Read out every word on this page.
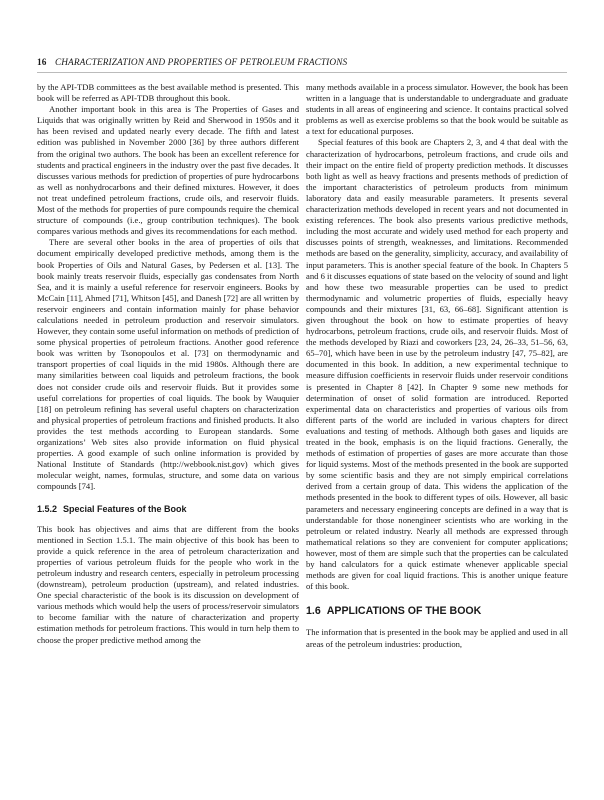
16 CHARACTERIZATION AND PROPERTIES OF PETROLEUM FRACTIONS

by the API-TDB committees as the best available method is presented. This book will be referred as API-TDB throughout this book.

Another important book in this area is The Properties of Gases and Liquids that was originally written by Reid and Sherwood in 1950s and it has been revised and updated nearly every decade. The fifth and latest edition was published in November 2000 [36] by three authors different from the original two authors. The book has been an excellent reference for students and practical engineers in the industry over the past five decades. It discusses various methods for prediction of properties of pure hydrocarbons as well as nonhydrocarbons and their defined mixtures. However, it does not treat undefined petroleum fractions, crude oils, and reservoir fluids. Most of the methods for properties of pure compounds require the chemical structure of compounds (i.e., group contribution techniques). The book compares various methods and gives its recommendations for each method.

There are several other books in the area of properties of oils that document empirically developed predictive methods, among them is the book Properties of Oils and Natural Gases, by Pedersen et al. [13]. The book mainly treats reservoir fluids, especially gas condensates from North Sea, and it is mainly a useful reference for reservoir engineers. Books by McCain [11], Ahmed [71], Whitson [45], and Danesh [72] are all written by reservoir engineers and contain information mainly for phase behavior calculations needed in petroleum production and reservoir simulators. However, they contain some useful information on methods of prediction of some physical properties of petroleum fractions. Another good reference book was written by Tsonopoulos et al. [73] on thermodynamic and transport properties of coal liquids in the mid 1980s. Although there are many similarities between coal liquids and petroleum fractions, the book does not consider crude oils and reservoir fluids. But it provides some useful correlations for properties of coal liquids. The book by Wauquier [18] on petroleum refining has several useful chapters on characterization and physical properties of petroleum fractions and finished products. It also provides the test methods according to European standards. Some organizations’ Web sites also provide information on fluid physical properties. A good example of such online information is provided by National Institute of Standards (http://webbook.nist.gov) which gives molecular weight, names, formulas, structure, and some data on various compounds [74].

1.5.2 Special Features of the Book

This book has objectives and aims that are different from the books mentioned in Section 1.5.1. The main objective of this book has been to provide a quick reference in the area of petroleum characterization and properties of various petroleum fluids for the people who work in the petroleum industry and research centers, especially in petroleum processing (downstream), petroleum production (upstream), and related industries. One special characteristic of the book is its discussion on development of various methods which would help the users of process/reservoir simulators to become familiar with the nature of characterization and property estimation methods for petroleum fractions. This would in turn help them to choose the proper predictive method among the

many methods available in a process simulator. However, the book has been written in a language that is understandable to undergraduate and graduate students in all areas of engineering and science. It contains practical solved problems as well as exercise problems so that the book would be suitable as a text for educational purposes.

Special features of this book are Chapters 2, 3, and 4 that deal with the characterization of hydrocarbons, petroleum fractions, and crude oils and their impact on the entire field of property prediction methods. It discusses both light as well as heavy fractions and presents methods of prediction of the important characteristics of petroleum products from minimum laboratory data and easily measurable parameters. It presents several characterization methods developed in recent years and not documented in existing references. The book also presents various predictive methods, including the most accurate and widely used method for each property and discusses points of strength, weaknesses, and limitations. Recommended methods are based on the generality, simplicity, accuracy, and availability of input parameters. This is another special feature of the book. In Chapters 5 and 6 it discusses equations of state based on the velocity of sound and light and how these two measurable properties can be used to predict thermodynamic and volumetric properties of fluids, especially heavy compounds and their mixtures [31, 63, 66–68]. Significant attention is given throughout the book on how to estimate properties of heavy hydrocarbons, petroleum fractions, crude oils, and reservoir fluids. Most of the methods developed by Riazi and coworkers [23, 24, 26–33, 51–56, 63, 65–70], which have been in use by the petroleum industry [47, 75–82], are documented in this book. In addition, a new experimental technique to measure diffusion coefficients in reservoir fluids under reservoir conditions is presented in Chapter 8 [42]. In Chapter 9 some new methods for determination of onset of solid formation are introduced. Reported experimental data on characteristics and properties of various oils from different parts of the world are included in various chapters for direct evaluations and testing of methods. Although both gases and liquids are treated in the book, emphasis is on the liquid fractions. Generally, the methods of estimation of properties of gases are more accurate than those for liquid systems. Most of the methods presented in the book are supported by some scientific basis and they are not simply empirical correlations derived from a certain group of data. This widens the application of the methods presented in the book to different types of oils. However, all basic parameters and necessary engineering concepts are defined in a way that is understandable for those nonengineer scientists who are working in the petroleum or related industry. Nearly all methods are expressed through mathematical relations so they are convenient for computer applications; however, most of them are simple such that the properties can be calculated by hand calculators for a quick estimate whenever applicable special methods are given for coal liquid fractions. This is another unique feature of this book.

1.6 APPLICATIONS OF THE BOOK

The information that is presented in the book may be applied and used in all areas of the petroleum industries: production,
